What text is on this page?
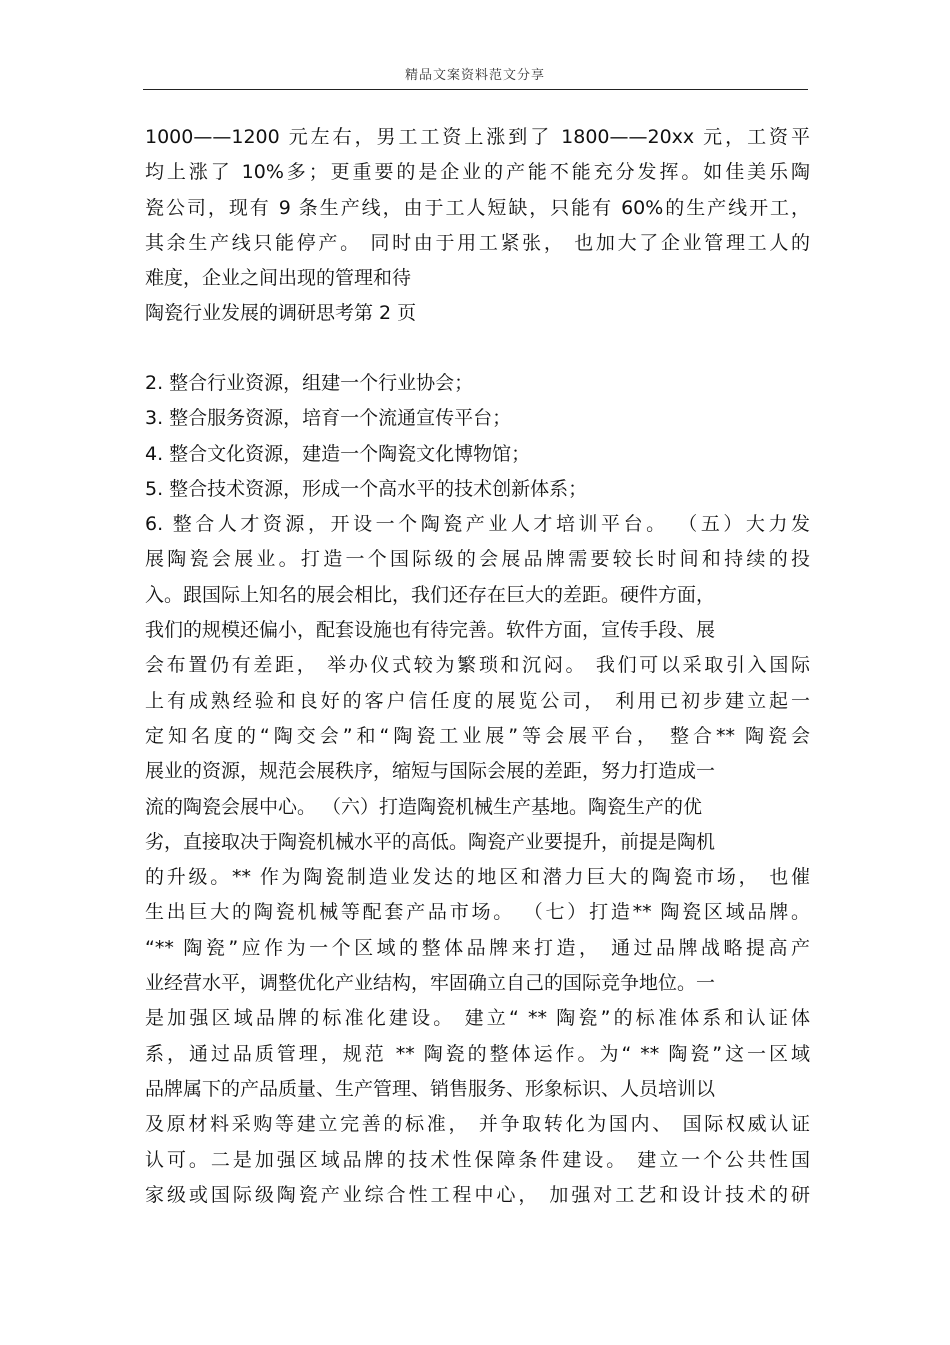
精品文案资料范文分享
1000——1200 元左右，男工工资上涨到了 1800——20xx 元，工资平
均上涨了 10%多；更重要的是企业的产能不能充分发挥。如佳美乐陶
瓷公司，现有 9 条生产线，由于工人短缺，只能有 60%的生产线开工，
其余生产线只能停产。 同时由于用工紧张， 也加大了企业管理工人的
难度，企业之间出现的管理和待
陶瓷行业发展的调研思考第 2 页
2. 整合行业资源，组建一个行业协会；
3. 整合服务资源，培育一个流通宣传平台；
4. 整合文化资源，建造一个陶瓷文化博物馆；
5. 整合技术资源，形成一个高水平的技术创新体系；
6. 整合人才资源，开设一个陶瓷产业人才培训平台。 （五）大力发
展陶瓷会展业。打造一个国际级的会展品牌需要较长时间和持续的投
入。跟国际上知名的展会相比，我们还存在巨大的差距。硬件方面，
我们的规模还偏小，配套设施也有待完善。软件方面，宣传手段、展
会布置仍有差距， 举办仪式较为繁琐和沉闷。 我们可以采取引入国际
上有成熟经验和良好的客户信任度的展览公司， 利用已初步建立起一
定知名度的“陶交会”和“陶瓷工业展”等会展平台， 整合** 陶瓷会
展业的资源，规范会展秩序，缩短与国际会展的差距，努力打造成一
流的陶瓷会展中心。 （六）打造陶瓷机械生产基地。陶瓷生产的优
劣，直接取决于陶瓷机械水平的高低。陶瓷产业要提升，前提是陶机
的升级。** 作为陶瓷制造业发达的地区和潜力巨大的陶瓷市场， 也催
生出巨大的陶瓷机械等配套产品市场。 （七）打造** 陶瓷区域品牌。
“** 陶瓷”应作为一个区域的整体品牌来打造， 通过品牌战略提高产
业经营水平，调整优化产业结构，牢固确立自己的国际竞争地位。一
是加强区域品牌的标准化建设。 建立“ ** 陶瓷”的标准体系和认证体
系，通过品质管理，规范 ** 陶瓷的整体运作。为“ ** 陶瓷”这一区域
品牌属下的产品质量、生产管理、销售服务、形象标识、人员培训以
及原材料采购等建立完善的标准， 并争取转化为国内、 国际权威认证
认可。二是加强区域品牌的技术性保障条件建设。 建立一个公共性国
家级或国际级陶瓷产业综合性工程中心， 加强对工艺和设计技术的研
